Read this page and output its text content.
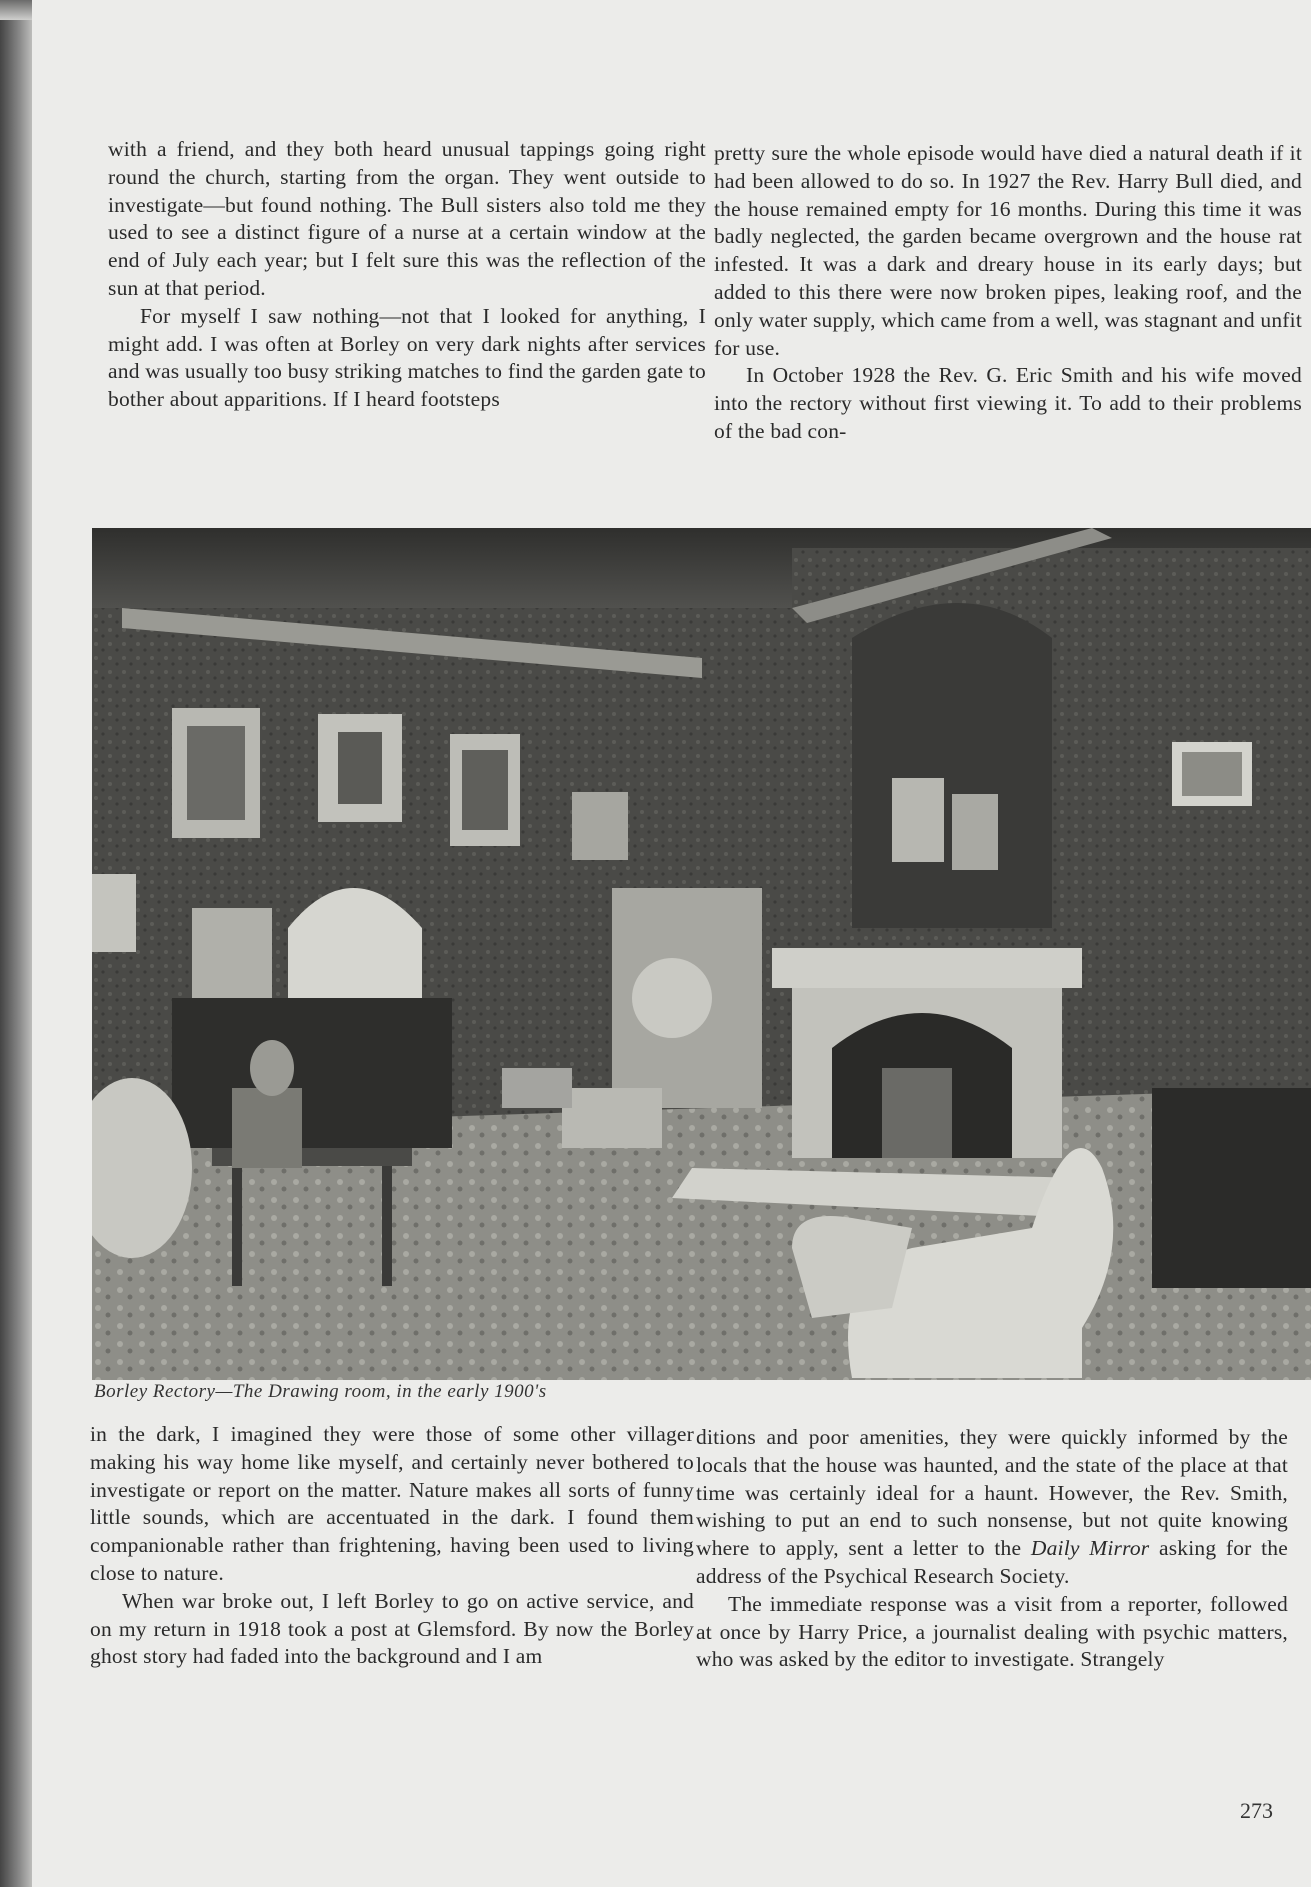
with a friend, and they both heard unusual tappings going right round the church, starting from the organ. They went outside to investigate—but found nothing. The Bull sisters also told me they used to see a distinct figure of a nurse at a certain window at the end of July each year; but I felt sure this was the reflection of the sun at that period.

For myself I saw nothing—not that I looked for anything, I might add. I was often at Borley on very dark nights after services and was usually too busy striking matches to find the garden gate to bother about apparitions. If I heard footsteps

pretty sure the whole episode would have died a natural death if it had been allowed to do so. In 1927 the Rev. Harry Bull died, and the house remained empty for 16 months. During this time it was badly neglected, the garden became overgrown and the house rat infested. It was a dark and dreary house in its early days; but added to this there were now broken pipes, leaking roof, and the only water supply, which came from a well, was stagnant and unfit for use.

In October 1928 the Rev. G. Eric Smith and his wife moved into the rectory without first viewing it. To add to their problems of the bad con-

Borley Rectory—The Drawing room, in the early 1900's

in the dark, I imagined they were those of some other villager making his way home like myself, and certainly never bothered to investigate or report on the matter. Nature makes all sorts of funny little sounds, which are accentuated in the dark. I found them companionable rather than frightening, having been used to living close to nature.

When war broke out, I left Borley to go on active service, and on my return in 1918 took a post at Glemsford. By now the Borley ghost story had faded into the background and I am

ditions and poor amenities, they were quickly informed by the locals that the house was haunted, and the state of the place at that time was certainly ideal for a haunt. However, the Rev. Smith, wishing to put an end to such nonsense, but not quite knowing where to apply, sent a letter to the Daily Mirror asking for the address of the Psychical Research Society.

The immediate response was a visit from a reporter, followed at once by Harry Price, a journalist dealing with psychic matters, who was asked by the editor to investigate. Strangely

273
